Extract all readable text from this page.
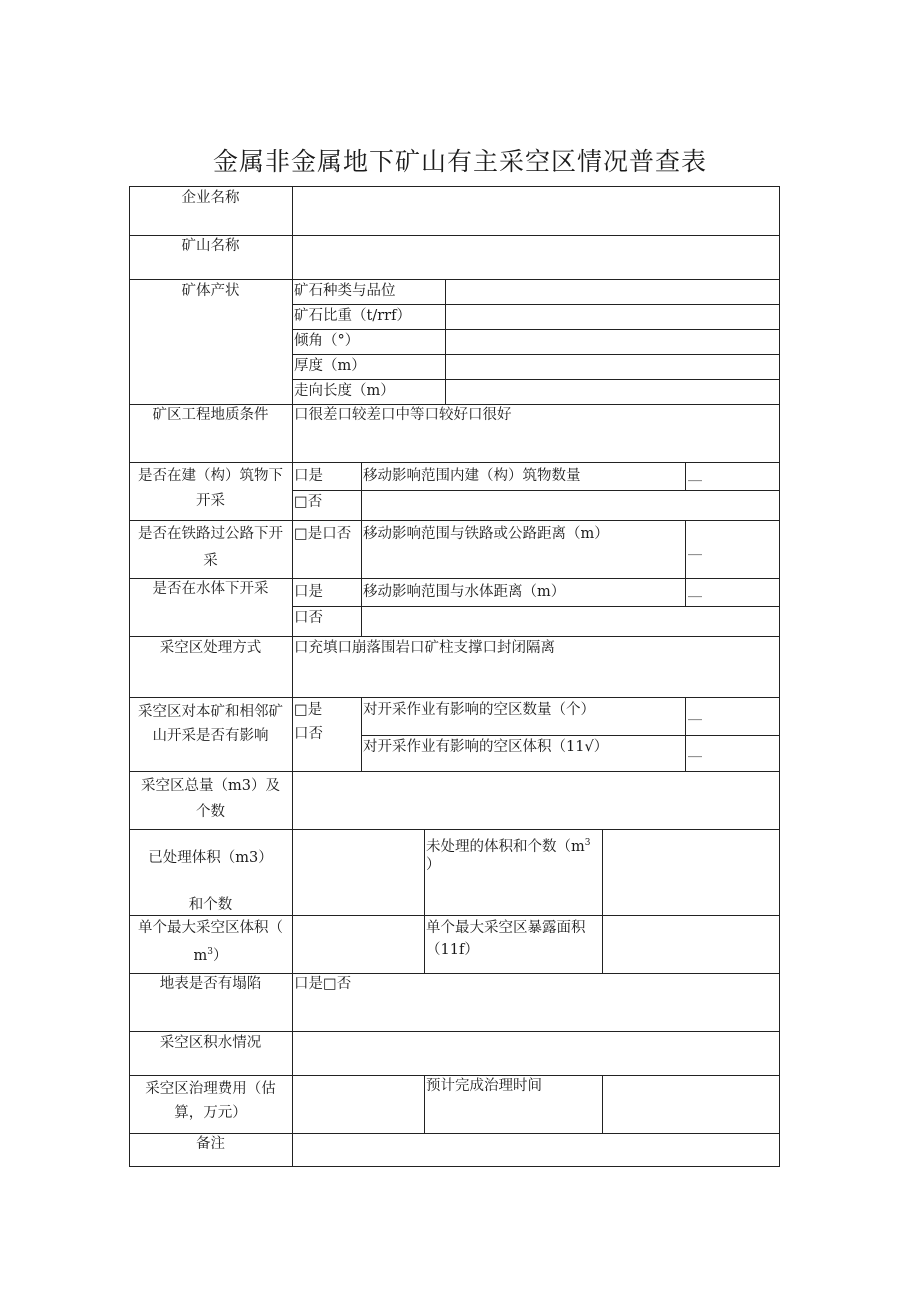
金属非金属地下矿山有主采空区情况普查表
企业名称
矿山名称
矿体产状
矿区工程地质条件
是否在建（构）筑物下
开采
是否在铁路过公路下开
采
是否在水体下开采
采空区处理方式
采空区对本矿和相邻矿
山开采是否有影响
采空区总量（m3）及
个数
已处理体积（m3）
和个数
单个最大采空区体积（
$m^3$）
地表是否有塌陷
采空区积水情况
采空区治理费用（估
算，万元）
备注
矿石种类与品位
矿石比重（t/rrf）
倾角（°）
厚度（m）
走向长度（m）
口很差口较差口中等口较好口很好
口是
□否
移动影响范围内建（构）筑物数量	__
□是口否 移动影响范围与铁路或公路距离（m）
__
口是
口否
移动影响范围与水体距离（m）	__
口充填口崩落围岩口矿柱支撑口封闭隔离
□是
口否
对开采作业有影响的空区数量（个）
对开采作业有影响的空区体积（11√）
__
__
未处理的体积和个数（$m^3$
）
单个最大采空区暴露面积
（11f）
口是□否
预计完成治理时间
